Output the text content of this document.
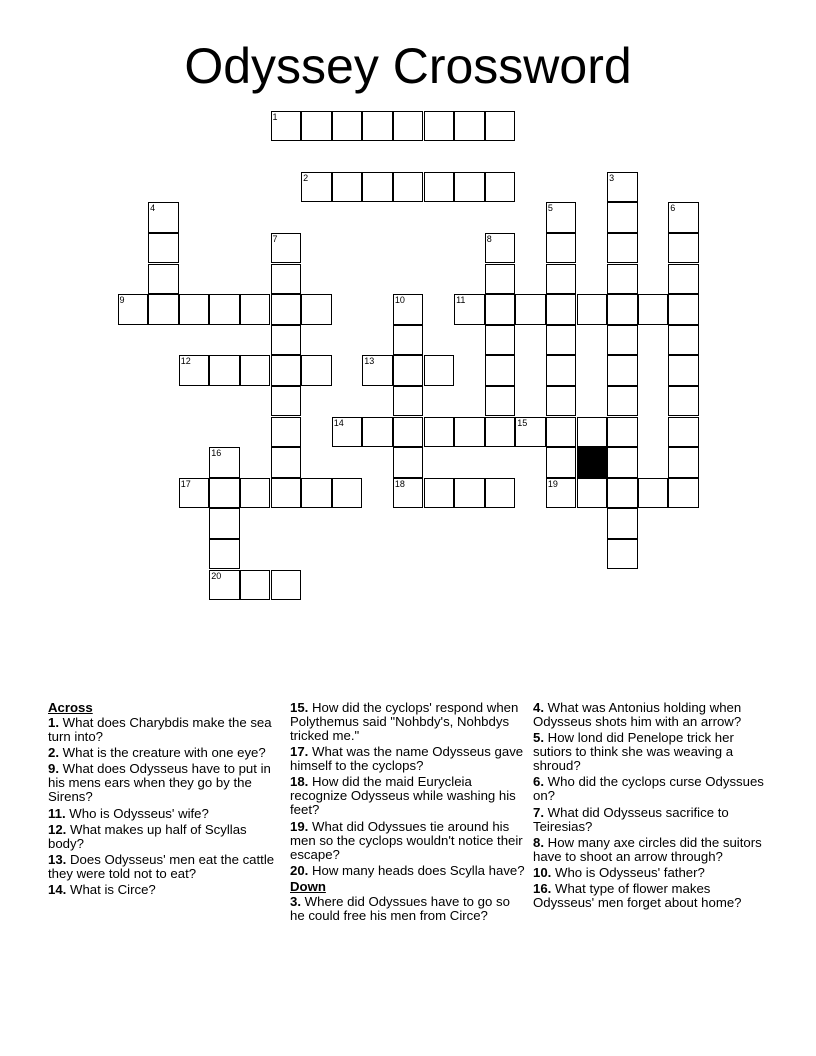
Odyssey Crossword
1
2	3
4	5	6
7	8
9	10
18
11
12	13
14	15
16
20
17	19
Across
1. What does Charybdis make the sea turn into?
2. What is the creature with one eye?
9. What does Odysseus have to put in his mens ears when they go by the Sirens?
11. Who is Odysseus' wife?
12. What makes up half of Scyllas body?
13. Does Odysseus' men eat the cattle they were told not to eat?
14. What is Circe?
15. How did the cyclops' respond when Polythemus said "Nohbdy's, Nohbdys tricked me."
17. What was the name Odysseus gave himself to the cyclops?
18. How did the maid Eurycleia recognize Odysseus while washing his feet?
19. What did Odyssues tie around his men so the cyclops wouldn't notice their escape?
20. How many heads does Scylla have?
Down
3. Where did Odyssues have to go so he could free his men from Circe?
4. What was Antonius holding when Odysseus shots him with an arrow?
5. How lond did Penelope trick her sutiors to think she was weaving a shroud?
6. Who did the cyclops curse Odyssues on?
7. What did Odysseus sacrifice to Teiresias?
8. How many axe circles did the suitors have to shoot an arrow through?
10. Who is Odysseus' father?
16. What type of flower makes Odysseus' men forget about home?
